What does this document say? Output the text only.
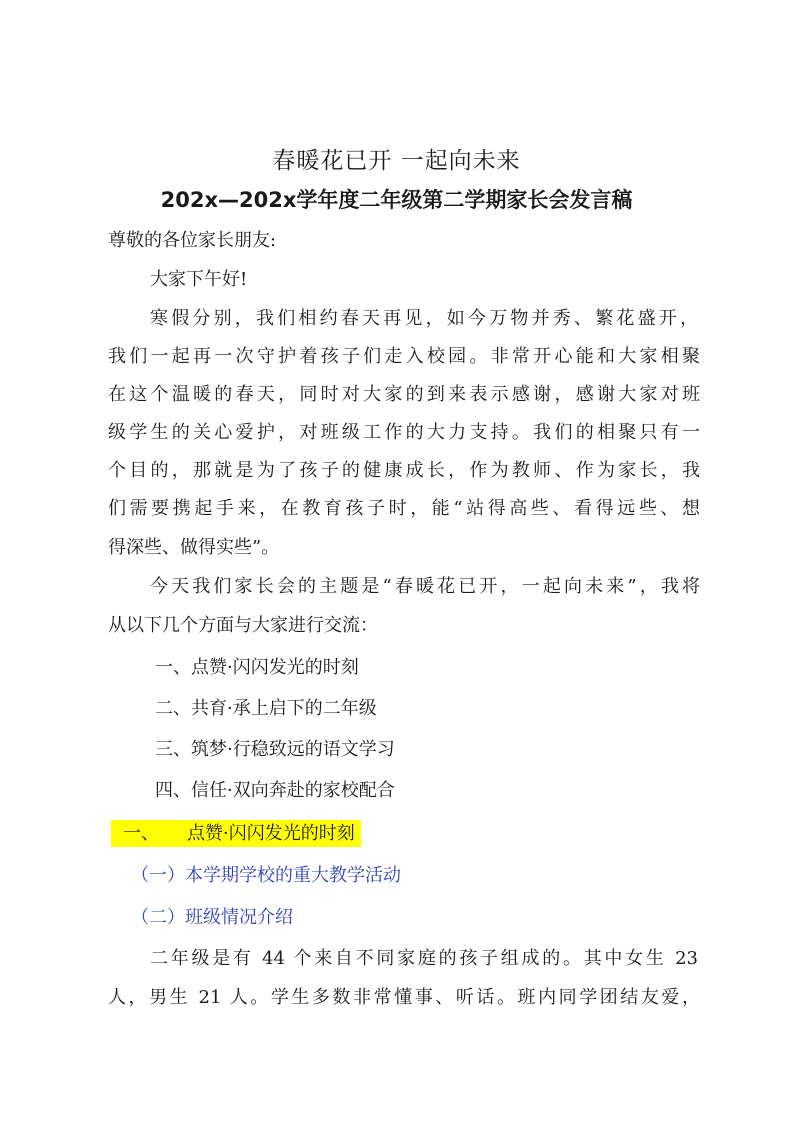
春暖花已开 一起向未来
202x—202x学年度二年级第二学期家长会发言稿
尊敬的各位家长朋友:
大家下午好!
寒假分别，我们相约春天再见，如今万物并秀、繁花盛开，
我们一起再一次守护着孩子们走入校园。非常开心能和大家相聚
在这个温暖的春天，同时对大家的到来表示感谢，感谢大家对班
级学生的关心爱护，对班级工作的大力支持。我们的相聚只有一
个目的，那就是为了孩子的健康成长，作为教师、作为家长，我
们需要携起手来，在教育孩子时，能“站得高些、看得远些、想
得深些、做得实些”。
今天我们家长会的主题是“春暖花已开，一起向未来”，我将
从以下几个方面与大家进行交流：
一、点赞·闪闪发光的时刻
二、共育·承上启下的二年级
三、筑梦·行稳致远的语文学习
四、信任·双向奔赴的家校配合
一、 点赞·闪闪发光的时刻
（一）本学期学校的重大教学活动
（二）班级情况介绍
二年级是有 44 个来自不同家庭的孩子组成的。其中女生 23
人，男生 21 人。学生多数非常懂事、听话。班内同学团结友爱，
